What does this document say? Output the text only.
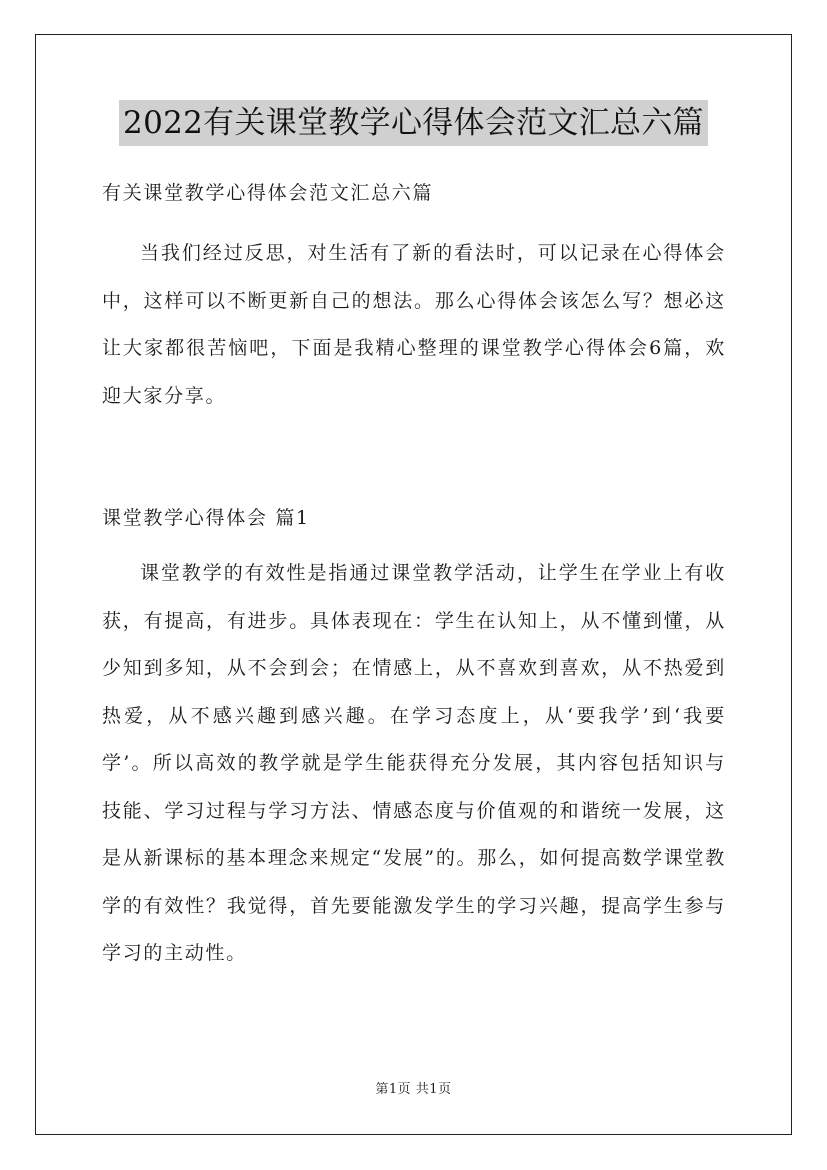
2022有关课堂教学心得体会范文汇总六篇
有关课堂教学心得体会范文汇总六篇
当我们经过反思，对生活有了新的看法时，可以记录在心得体会中，这样可以不断更新自己的想法。那么心得体会该怎么写？想必这让大家都很苦恼吧，下面是我精心整理的课堂教学心得体会6篇，欢迎大家分享。
课堂教学心得体会 篇1
课堂教学的有效性是指通过课堂教学活动，让学生在学业上有收获，有提高，有进步。具体表现在：学生在认知上，从不懂到懂，从少知到多知，从不会到会；在情感上，从不喜欢到喜欢，从不热爱到热爱，从不感兴趣到感兴趣。在学习态度上，从‘要我学’到‘我要学’。所以高效的教学就是学生能获得充分发展，其内容包括知识与技能、学习过程与学习方法、情感态度与价值观的和谐统一发展，这是从新课标的基本理念来规定“发展”的。那么，如何提高数学课堂教学的有效性？我觉得，首先要能激发学生的学习兴趣，提高学生参与学习的主动性。
第1页 共1页
